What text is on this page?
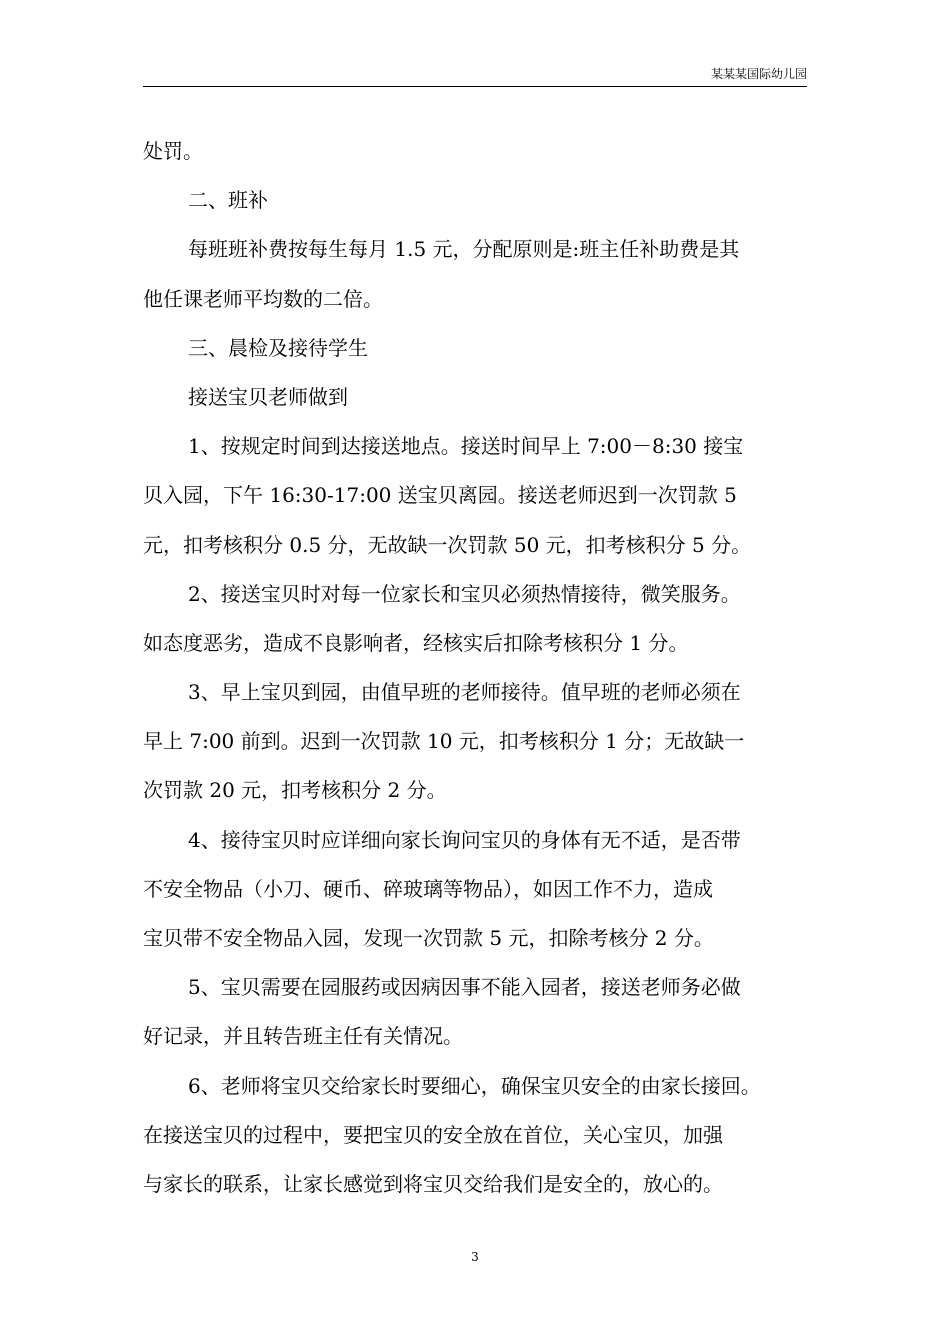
某某某国际幼儿园
处罚。
二、班补
每班班补费按每生每月 1.5 元，分配原则是:班主任补助费是其
他任课老师平均数的二倍。
三、晨检及接待学生
接送宝贝老师做到
1、按规定时间到达接送地点。接送时间早上 7:00－8:30 接宝
贝入园，下午 16:30-17:00 送宝贝离园。接送老师迟到一次罚款 5
元，扣考核积分 0.5 分，无故缺一次罚款 50 元，扣考核积分 5 分。
2、接送宝贝时对每一位家长和宝贝必须热情接待，微笑服务。
如态度恶劣，造成不良影响者，经核实后扣除考核积分 1 分。
3、早上宝贝到园，由值早班的老师接待。值早班的老师必须在
早上 7:00 前到。迟到一次罚款 10 元，扣考核积分 1 分；无故缺一
次罚款 20 元，扣考核积分 2 分。
4、接待宝贝时应详细向家长询问宝贝的身体有无不适，是否带
不安全物品（小刀、硬币、碎玻璃等物品），如因工作不力，造成
宝贝带不安全物品入园，发现一次罚款 5 元，扣除考核分 2 分。
5、宝贝需要在园服药或因病因事不能入园者，接送老师务必做
好记录，并且转告班主任有关情况。
6、老师将宝贝交给家长时要细心，确保宝贝安全的由家长接回。
在接送宝贝的过程中，要把宝贝的安全放在首位，关心宝贝，加强
与家长的联系，让家长感觉到将宝贝交给我们是安全的，放心的。
3
